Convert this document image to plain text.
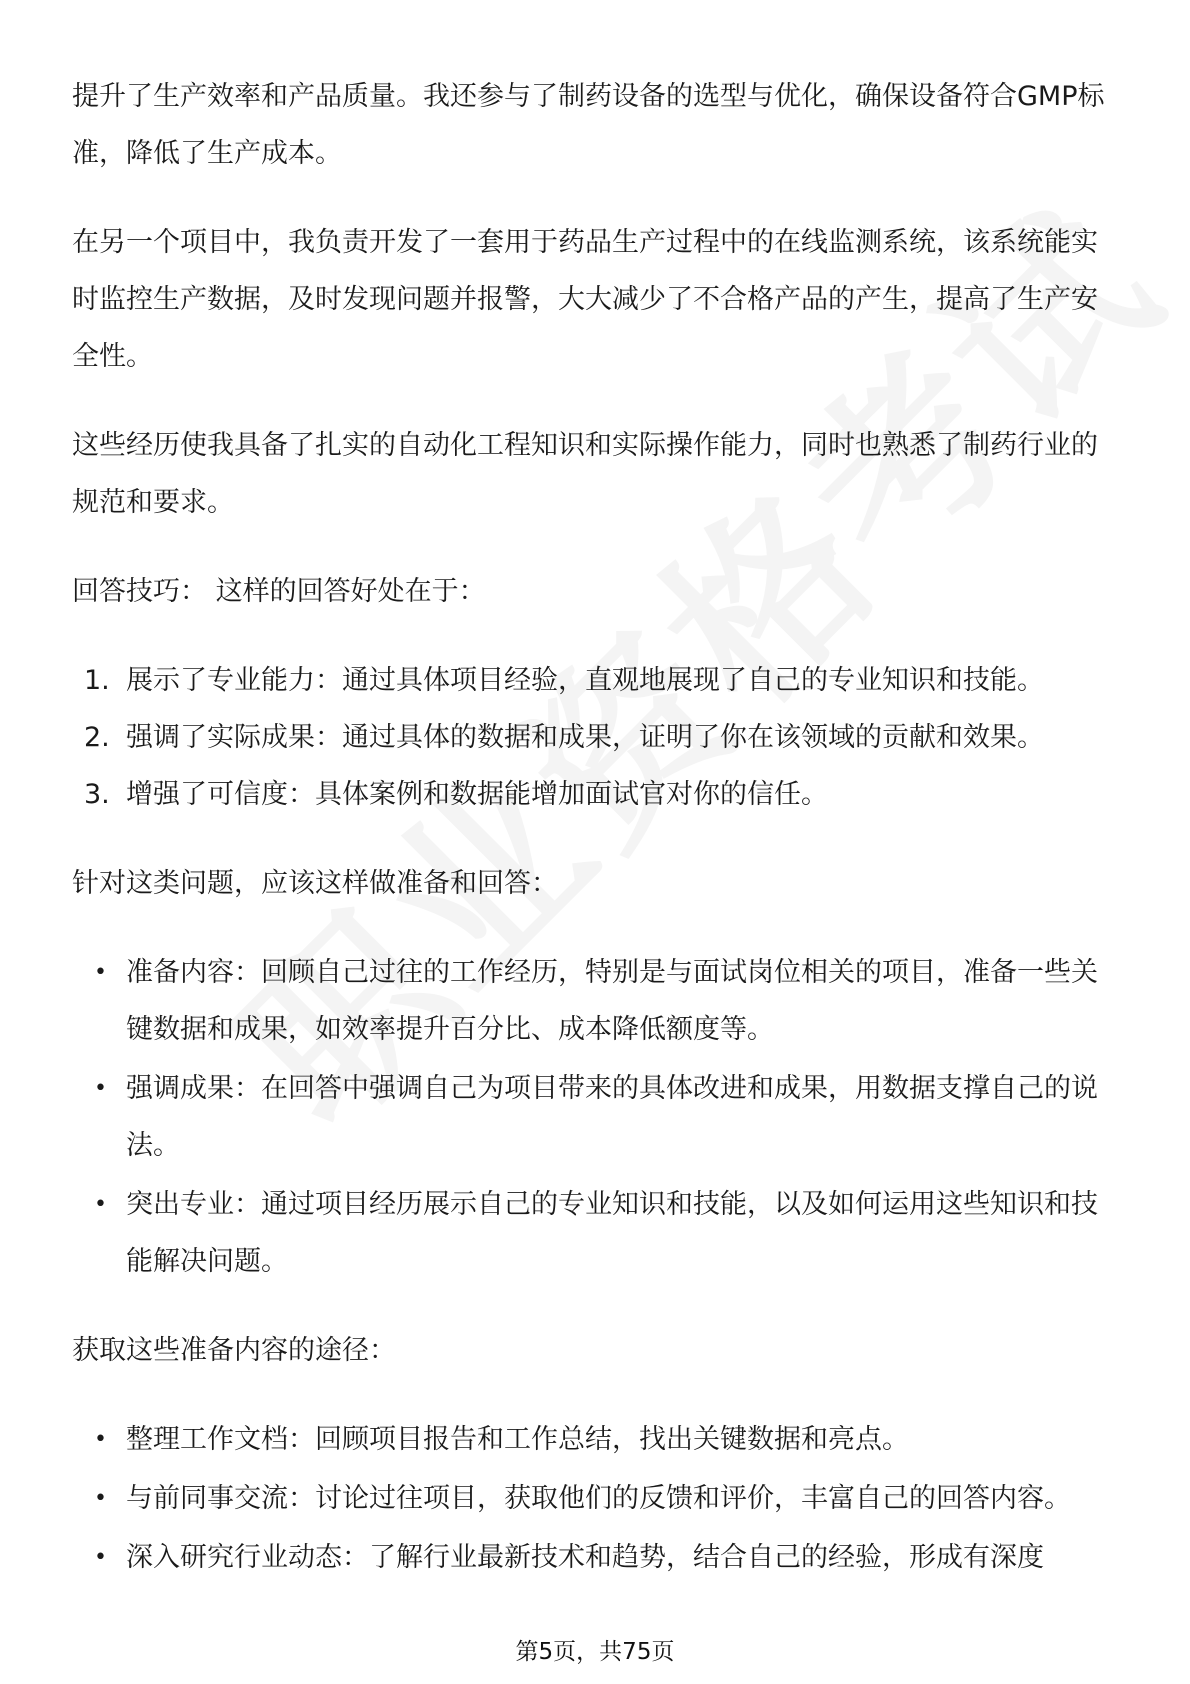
提升了生产效率和产品质量。我还参与了制药设备的选型与优化，确保设备符合GMP标准，降低了生产成本。

在另一个项目中，我负责开发了一套用于药品生产过程中的在线监测系统，该系统能实时监控生产数据，及时发现问题并报警，大大减少了不合格产品的产生，提高了生产安全性。

这些经历使我具备了扎实的自动化工程知识和实际操作能力，同时也熟悉了制药行业的规范和要求。

回答技巧： 这样的回答好处在于：

1. 展示了专业能力：通过具体项目经验，直观地展现了自己的专业知识和技能。
2. 强调了实际成果：通过具体的数据和成果，证明了你在该领域的贡献和效果。
3. 增强了可信度：具体案例和数据能增加面试官对你的信任。

针对这类问题，应该这样做准备和回答：

• 准备内容：回顾自己过往的工作经历，特别是与面试岗位相关的项目，准备一些关键数据和成果，如效率提升百分比、成本降低额度等。
• 强调成果：在回答中强调自己为项目带来的具体改进和成果，用数据支撑自己的说法。
• 突出专业：通过项目经历展示自己的专业知识和技能，以及如何运用这些知识和技能解决问题。

获取这些准备内容的途径：

• 整理工作文档：回顾项目报告和工作总结，找出关键数据和亮点。
• 与前同事交流：讨论过往项目，获取他们的反馈和评价，丰富自己的回答内容。
• 深入研究行业动态：了解行业最新技术和趋势，结合自己的经验，形成有深度
第5页，共75页
